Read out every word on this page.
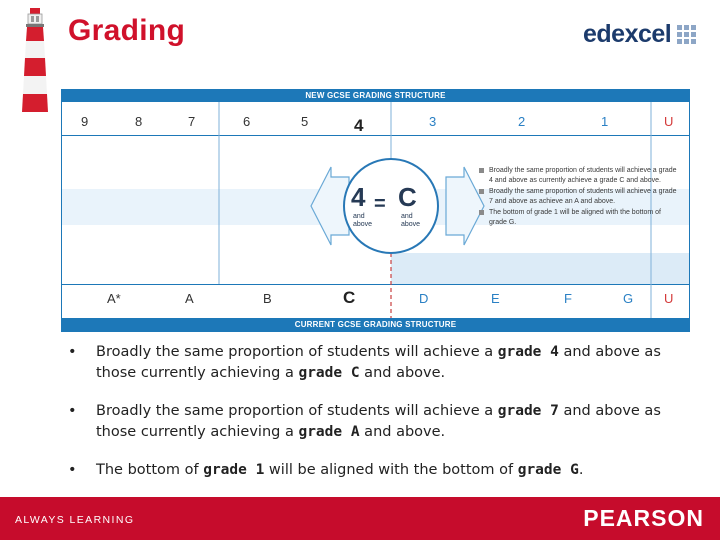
Grading	edexcel
NEW GCSE GRADING STRUCTURE
CURRENT GCSE GRADING STRUCTURE
9	8	7	6	5	4	3	2	1	U
A*	A	B	C	D	E	F	G U
4 = C
and above
and above
Broadly the same proportion of students will achieve a grade 4 and above as currently achieve a grade C and above.
Broadly the same proportion of students will achieve a grade 7 and above as achieve an A and above.
The bottom of grade 1 will be aligned with the bottom of grade G.
• Broadly the same proportion of students will achieve a grade 4 and above as those currently achieving a grade C and above.
• Broadly the same proportion of students will achieve a grade 7 and above as those currently achieving a grade A and above.
• The bottom of grade 1 will be aligned with the bottom of grade G.
ALWAYS LEARNING	PEARSON
